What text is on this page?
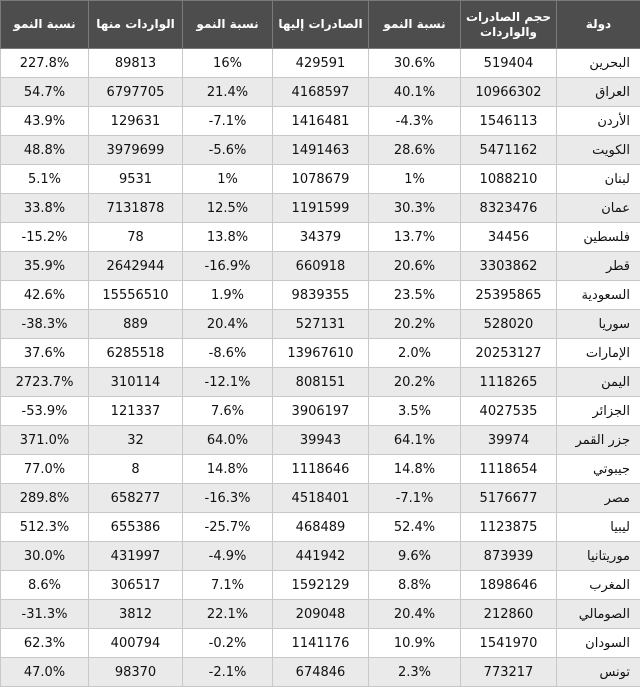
دولة	حجم الصادرات والواردات	نسبة النمو	الصادرات إليها	نسبة النمو	الواردات منها	نسبة النمو
البحرين	519404	30.6%	429591	16%	89813	227.8%
العراق	10966302	40.1%	4168597	21.4%	6797705	54.7%
الأردن	1546113	-4.3%	1416481	-7.1%	129631	43.9%
الكويت	5471162	28.6%	1491463	-5.6%	3979699	48.8%
لبنان	1088210	1%	1078679	1%	9531	5.1%
عمان	8323476	30.3%	1191599	12.5%	7131878	33.8%
فلسطين	34456	13.7%	34379	13.8%	78	-15.2%
قطر	3303862	20.6%	660918	-16.9%	2642944	35.9%
السعودية	25395865	23.5%	9839355	1.9%	15556510	42.6%
سوريا	528020	20.2%	527131	20.4%	889	-38.3%
الإمارات	20253127	2.0%	13967610	-8.6%	6285518	37.6%
اليمن	1118265	20.2%	808151	-12.1%	310114	2723.7%
الجزائر	4027535	3.5%	3906197	7.6%	121337	-53.9%
جزر القمر	39974	64.1%	39943	64.0%	32	371.0%
جيبوتي	1118654	14.8%	1118646	14.8%	8	77.0%
مصر	5176677	-7.1%	4518401	-16.3%	658277	289.8%
ليبيا	1123875	52.4%	468489	-25.7%	655386	512.3%
موريتانيا	873939	9.6%	441942	-4.9%	431997	30.0%
المغرب	1898646	8.8%	1592129	7.1%	306517	8.6%
الصومالي	212860	20.4%	209048	22.1%	3812	-31.3%
السودان	1541970	10.9%	1141176	-0.2%	400794	62.3%
تونس	773217	2.3%	674846	-2.1%	98370	47.0%
